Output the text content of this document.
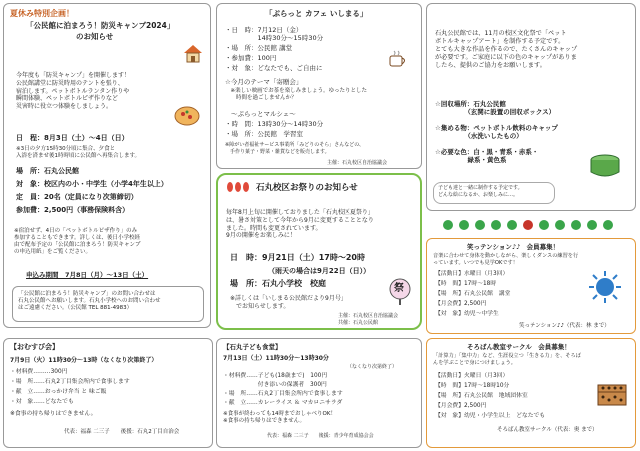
夏休み特別企画！
「公民館に泊まろう！防災キャンプ2024」
のお知らせ
今年度も「防災キャンプ」を開催します！
公民館講堂に防災時用のテントを張り、
宿泊します。ペットボトルランタン作りや
瞬間体験、ペットボトルピザ作りなど
災害時に役立つ体験をしましょう。
日　程：8月3日（土）～4日（日）
※3日の夕方15時30分頃に集合、夕食と
入浴を済ませ後1時時頃に公民館へ再集合します。
場　所：石丸公民館
対　象：校区内の小・中学生（小学4年生以上）
定　員：20名（定員になり次第締切）
参加費：2,500円（事務保険料含）
※宿泊せず、4日の「ペットボトルピザ作り」のみ
参加することもできます。詳しくは、後日小学校経
由で配布予定の「公民館に泊まろう！防災キャンプ
の申込用紙」をご覧ください。
申込み期間　7月8日（月）～13日（土）
「公民館に泊まろう！防災キャンプ」のお問い合わせは
石丸公民館へお願いします。石丸小学校へのお問い合わせ
はご遠慮ください。（公民館 TEL 881-4983）
「ぷらっと カフェ いしまる」
・日　時：7月12日（金）
　　　　　14時30分～15時30分
・場　所：公民館 講堂
・参加費：100円
・対　象：どなたでも、ご自由に
☆今月のテーマ「寄贈会」
　※楽しい映画でお茶を楽しみましょう。ゆったりとした
　　時間を過ごしませんか？
～ぷらっとマルシェ～
・時　間：13時30分～14時30分
・場　所：公民館　学習室
※障がい者福祉サービス事業所「みどりのそら」さんなどの、
　手作り菓子・野菜・雑貨などを販売します。
主催：石丸校区自治協議会
石丸校区お祭りのお知らせ
毎年8月上旬に開催しておりました「石丸校区夏祭り」
は、暑さ対策として今年から9月に変更することとなり
ました。時間も変更されています。
9月の開催をお楽しみに！
日　時：9月21日（土）17時～20時
（雨天の場合は9月22日（日））
場　所：石丸小学校　校庭
※詳しくは「いしまる公民館だより9月号」
　でお知らせします。
主催：石丸校区自治協議会
共催：石丸公民館
祭
石丸公民館では、11月の校区文化祭で「ペット
ボトルキャップアート」を制作する予定です。
とても大きな作品を作るので、たくさんのキャップ
が必要です。ご家庭に以下の色のキャップがありま
したら、提供のご協力をお願いします。
☆回収場所：石丸公民館
　　　　　（玄関に設置の回収ボックス）
☆集める物：ペットボトル飲料のキャップ
　　　　　（水洗いしたもの）
☆必要な色：白・黒・青系・赤系・
　　　　　緑系・黄色系
子ども達と一緒に制作する予定です。
どんな絵になるか、お楽しみに…。
笑っテンション♪♪　会員募集！
音楽に合わせて身体を動かしながら、楽しくダンスの練習を行
っています。いつでも見学OKです！
【活動日】水曜日（月3回）
【時　間】17時～18時
【場　所】石丸公民館　講堂
【月会費】2,500円
【対　象】幼児～中学生
笑っテンション♪♪（代表：林 まで）
そろばん教室サークル　会員募集！
「計算力」「集中力」など、生涯役立つ「生きる力」を、そろば
んを学ぶことで身につけましょう。
【活動日】火曜日（月3回）
【時　間】17時～18時10分
【場　所】石丸公民館　地域団体室
【月会費】2,500円
【対　象】幼児・小学生以上　どなたでも
そろばん教室サークル（代表：奥 まで）
【おむすび会】
7月9日（火）11時30分～13時（なくなり次第終了）
・材料費………300円
・場　所……石丸2丁目集会所内で食事します
・献　立……おっかけ弁当 と 味ご飯
・対　象……どなたでも
※食事の持ち帰りはできません。
代表：福森 二三子　　後援：石丸2丁目自治会
【石丸子ども食堂】
7月13日（土）11時30分～13時30分
（なくなり次第終了）
・材料費……子ども(18歳まで)　100円
　　　　　　付き添いの保護者　300円
・場　所……石丸2丁目集会所内で食事します
・献　立……カレーライス ＆ マカロニサラダ
※食事が終わっても14時までおしゃべりOK！
※食事の持ち帰りはできません。
代表：福森 二三子　　後援：青少年育成協会会
